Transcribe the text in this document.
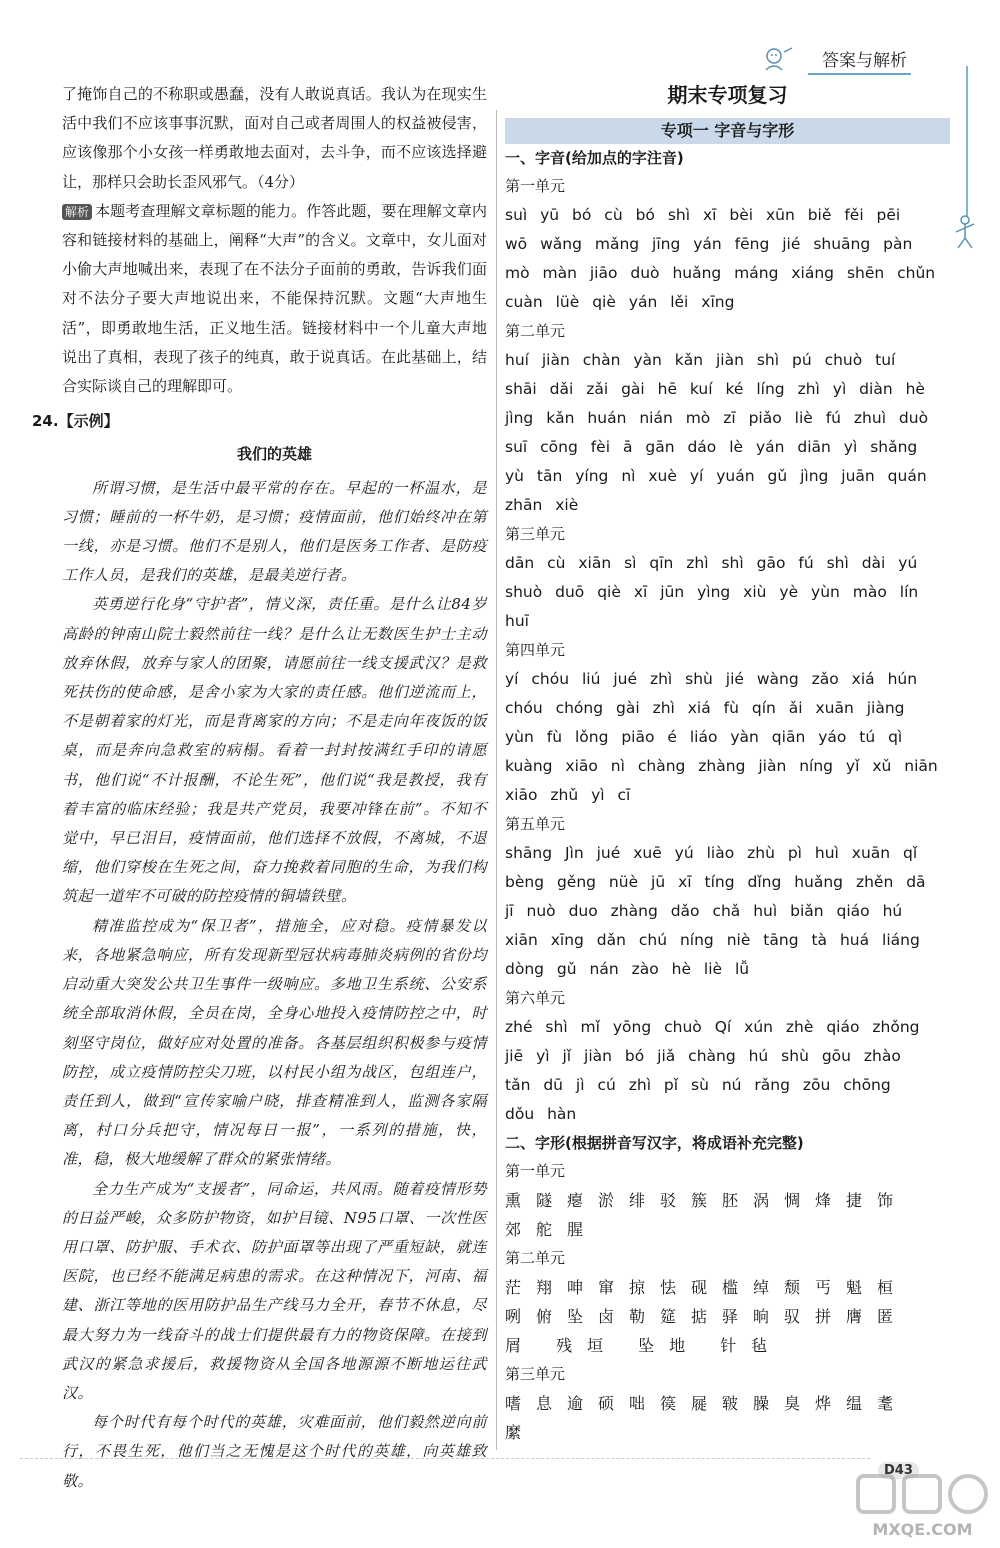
答案与解析

了掩饰自己的不称职或愚蠢，没有人敢说真话。我认为在现实生活中我们不应该事事沉默，面对自己或者周围人的权益被侵害，应该像那个小女孩一样勇敢地去面对，去斗争，而不应该选择避让，那样只会助长歪风邪气。（4分）

解析 本题考查理解文章标题的能力。作答此题，要在理解文章内容和链接材料的基础上，阐释“大声”的含义。文章中，女儿面对小偷大声地喊出来，表现了在不法分子面前的勇敢，告诉我们面对不法分子要大声地说出来，不能保持沉默。文题“大声地生活”，即勇敢地生活，正义地生活。链接材料中一个儿童大声地说出了真相，表现了孩子的纯真，敢于说真话。在此基础上，结合实际谈自己的理解即可。

24.【示例】

我们的英雄

所谓习惯，是生活中最平常的存在。早起的一杯温水，是习惯；睡前的一杯牛奶，是习惯；疫情面前，他们始终冲在第一线，亦是习惯。他们不是别人，他们是医务工作者、是防疫工作人员，是我们的英雄，是最美逆行者。

英勇逆行化身“守护者”，情义深，责任重。是什么让84岁高龄的钟南山院士毅然前往一线？是什么让无数医生护士主动放弃休假，放弃与家人的团聚，请愿前往一线支援武汉？是救死扶伤的使命感，是舍小家为大家的责任感。他们逆流而上，不是朝着家的灯光，而是背离家的方向；不是走向年夜饭的饭桌，而是奔向急救室的病榻。看着一封封按满红手印的请愿书，他们说“不计报酬，不论生死”，他们说“我是教授，我有着丰富的临床经验；我是共产党员，我要冲锋在前”。不知不觉中，早已泪目，疫情面前，他们选择不放假，不离城，不退缩，他们穿梭在生死之间，奋力挽救着同胞的生命，为我们构筑起一道牢不可破的防控疫情的铜墙铁壁。

精准监控成为“保卫者”，措施全，应对稳。疫情暴发以来，各地紧急响应，所有发现新型冠状病毒肺炎病例的省份均启动重大突发公共卫生事件一级响应。多地卫生系统、公安系统全部取消休假，全员在岗，全身心地投入疫情防控之中，时刻坚守岗位，做好应对处置的准备。各基层组织积极参与疫情防控，成立疫情防控尖刀班，以村民小组为战区，包组连户，责任到人，做到“宣传家喻户晓，排查精准到人，监测各家隔离，村口分兵把守，情况每日一报”，一系列的措施，快，准，稳，极大地缓解了群众的紧张情绪。

全力生产成为“支援者”，同命运，共风雨。随着疫情形势的日益严峻，众多防护物资，如护目镜、N95口罩、一次性医用口罩、防护服、手术衣、防护面罩等出现了严重短缺，就连医院，也已经不能满足病患的需求。在这种情况下，河南、福建、浙江等地的医用防护品生产线马力全开，春节不休息，尽最大努力为一线奋斗的战士们提供最有力的物资保障。在接到武汉的紧急求援后，救援物资从全国各地源源不断地运往武汉。

每个时代有每个时代的英雄，灾难面前，他们毅然逆向前行，不畏生死，他们当之无愧是这个时代的英雄，向英雄致敬。

期末专项复习
专项一 字音与字形
一、字音(给加点的字注音)
第一单元
suì yū bó cù bó shì xī bèi xūn biě fěi pēi
wō wǎng mǎng jīng yán fēng jié shuāng pàn
mò màn jiāo duò huǎng máng xiáng shēn chǔn
cuàn lüè qiè yán lěi xīng
第二单元
huí jiàn chàn yàn kǎn jiàn shì pú chuò tuí
shāi dǎi zǎi gài hē kuí ké líng zhì yì diàn hè
jìng kǎn huán nián mò zī piǎo liè fú zhuì duò
suī cōng fèi ā gān dáo lè yán diān yì shǎng
yù tān yíng nì xuè yí yuán gǔ jìng juān quán
zhān xiè
第三单元
dān cù xiān sì qīn zhì shì gāo fú shì dài yú
shuò duō qiè xī jūn yìng xiù yè yùn mào lín
huī
第四单元
yí chóu liú jué zhì shù jié wàng zǎo xiá hún
chóu chóng gài zhì xiá fù qín ǎi xuān jiàng
yùn fù lǒng piāo é liáo yàn qiān yáo tú qì
kuàng xiāo nì chàng zhàng jiàn níng yǐ xǔ niān
xiāo zhǔ yì cī
第五单元
shāng Jìn jué xuē yú liào zhù pì huì xuān qǐ
bèng gěng nüè jū xī tíng dǐng huǎng zhěn dā
jī nuò duo zhàng dǎo chǎ huì biǎn qiáo hú
xiān xīng dǎn chú níng niè tāng tà huá liáng
dòng gǔ nán zào hè liè lǚ
第六单元
zhé shì mǐ yōng chuò Qí xún zhè qiáo zhǒng
jiē yì jǐ jiàn bó jiǎ chàng hú shù gōu zhào
tǎn dū jì cú zhì pǐ sù nú rǎng zōu chōng
dǒu hàn
二、字形(根据拼音写汉字，将成语补充完整)
第一单元
熏隧瘪淤绯驳簇胚涡惆烽捷饰
郊舵腥
第二单元
茫翔呻窜掠怯砚槛绰颓丐魁桓
咧俯坠卤勒筵掂驿晌驭拼膺匿
屑 残垣 坠地 针毡
第三单元
嗜息逾硕咄篌屣皲臊臭烨缊耄
縻
D43
MXQE.COM
